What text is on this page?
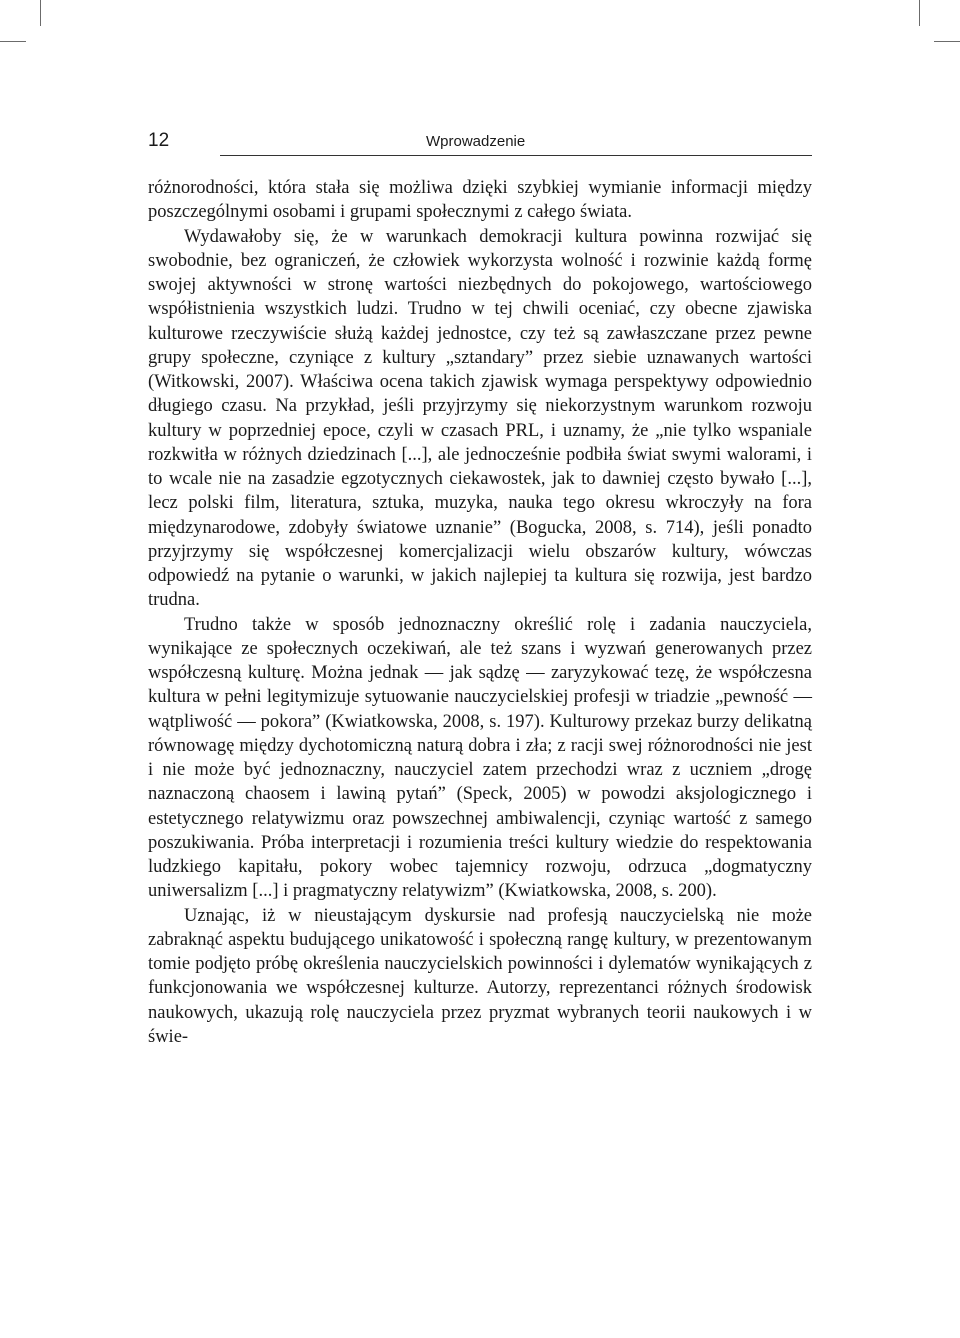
12	Wprowadzenie

różnorodności, która stała się możliwa dzięki szybkiej wymianie informacji między poszczególnymi osobami i grupami społecznymi z całego świata.

Wydawałoby się, że w warunkach demokracji kultura powinna rozwijać się swobodnie, bez ograniczeń, że człowiek wykorzysta wolność i rozwinie każdą formę swojej aktywności w stronę wartości niezbędnych do pokojowego, wartościowego współistnienia wszystkich ludzi. Trudno w tej chwili oceniać, czy obecne zjawiska kulturowe rzeczywiście służą każdej jednostce, czy też są zawłaszczane przez pewne grupy społeczne, czyniące z kultury „sztandary” przez siebie uznawanych wartości (Witkowski, 2007). Właściwa ocena takich zjawisk wymaga perspektywy odpowiednio długiego czasu. Na przykład, jeśli przyjrzymy się niekorzystnym warunkom rozwoju kultury w poprzedniej epoce, czyli w czasach PRL, i uznamy, że „nie tylko wspaniale rozkwitła w różnych dziedzinach [...], ale jednocześnie podbiła świat swymi walorami, i to wcale nie na zasadzie egzotycznych ciekawostek, jak to dawniej często bywało [...], lecz polski film, literatura, sztuka, muzyka, nauka tego okresu wkroczyły na fora międzynarodowe, zdobyły światowe uznanie” (Bogucka, 2008, s. 714), jeśli ponadto przyjrzymy się współczesnej komercjalizacji wielu obszarów kultury, wówczas odpowiedź na pytanie o warunki, w jakich najlepiej ta kultura się rozwija, jest bardzo trudna.

Trudno także w sposób jednoznaczny określić rolę i zadania nauczyciela, wynikające ze społecznych oczekiwań, ale też szans i wyzwań generowanych przez współczesną kulturę. Można jednak — jak sądzę — zaryzykować tezę, że współczesna kultura w pełni legitymizuje sytuowanie nauczycielskiej profesji w triadzie „pewność — wątpliwość — pokora” (Kwiatkowska, 2008, s. 197). Kulturowy przekaz burzy delikatną równowagę między dychotomiczną naturą dobra i zła; z racji swej różnorodności nie jest i nie może być jednoznaczny, nauczyciel zatem przechodzi wraz z uczniem „drogę naznaczoną chaosem i lawiną pytań” (Speck, 2005) w powodzi aksjologicznego i estetycznego relatywizmu oraz powszechnej ambiwalencji, czyniąc wartość z samego poszukiwania. Próba interpretacji i rozumienia treści kultury wiedzie do respektowania ludzkiego kapitału, pokory wobec tajemnicy rozwoju, odrzuca „dogmatyczny uniwersalizm [...] i pragmatyczny relatywizm” (Kwiatkowska, 2008, s. 200).

Uznając, iż w nieustającym dyskursie nad profesją nauczycielską nie może zabraknąć aspektu budującego unikatowość i społeczną rangę kultury, w prezentowanym tomie podjęto próbę określenia nauczycielskich powinności i dylematów wynikających z funkcjonowania we współczesnej kulturze. Autorzy, reprezentanci różnych środowisk naukowych, ukazują rolę nauczyciela przez pryzmat wybranych teorii naukowych i w świe-
